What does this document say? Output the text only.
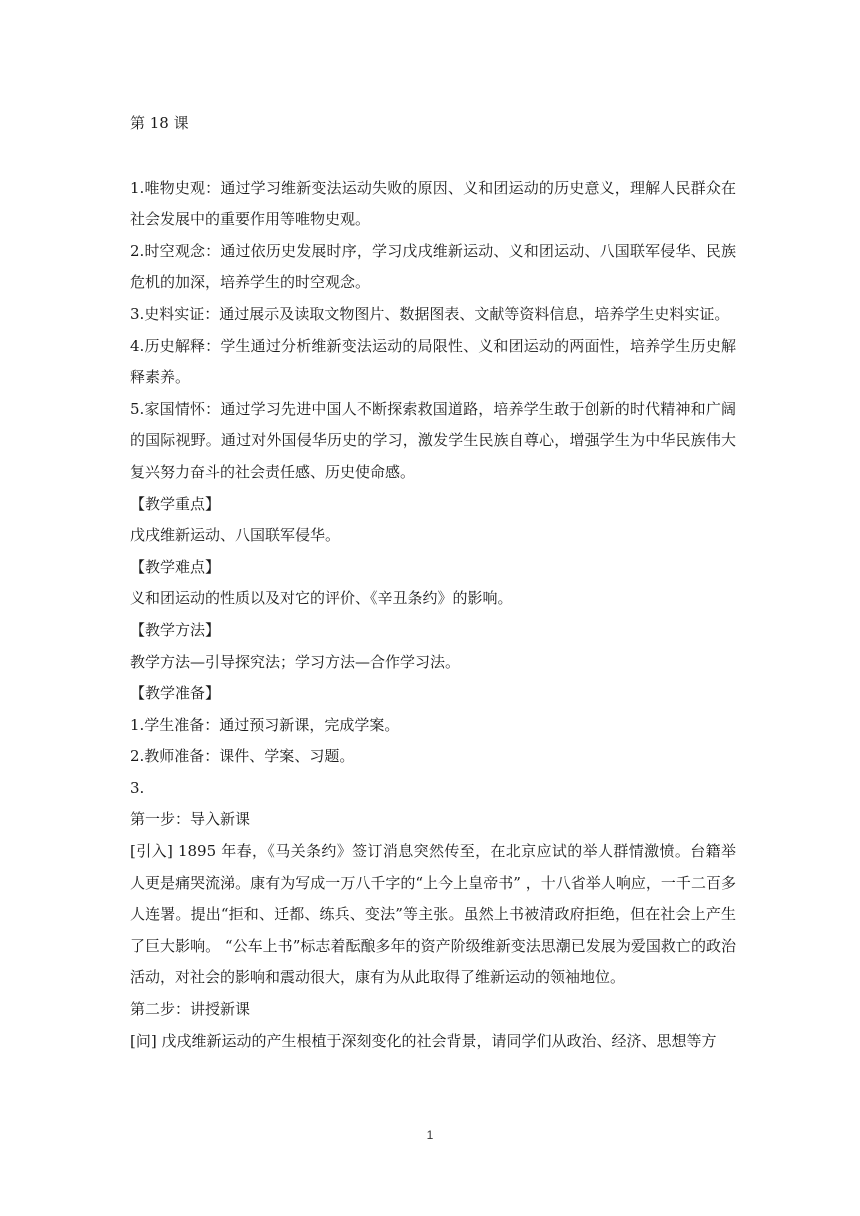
第 18 课

1.唯物史观：通过学习维新变法运动失败的原因、义和团运动的历史意义，理解人民群众在社会发展中的重要作用等唯物史观。

2.时空观念：通过依历史发展时序，学习戊戌维新运动、义和团运动、八国联军侵华、民族危机的加深，培养学生的时空观念。

3.史料实证：通过展示及读取文物图片、数据图表、文献等资料信息，培养学生史料实证。

4.历史解释：学生通过分析维新变法运动的局限性、义和团运动的两面性，培养学生历史解释素养。

5.家国情怀：通过学习先进中国人不断探索救国道路，培养学生敢于创新的时代精神和广阔的国际视野。通过对外国侵华历史的学习，激发学生民族自尊心，增强学生为中华民族伟大复兴努力奋斗的社会责任感、历史使命感。

【教学重点】

戊戌维新运动、八国联军侵华。

【教学难点】

义和团运动的性质以及对它的评价、《辛丑条约》的影响。

【教学方法】

教学方法—引导探究法；学习方法—合作学习法。

【教学准备】

1.学生准备：通过预习新课，完成学案。

2.教师准备：课件、学案、习题。

3.

第一步：导入新课

[引入] 1895 年春，《马关条约》签订消息突然传至，在北京应试的举人群情激愤。台籍举人更是痛哭流涕。康有为写成一万八千字的“上今上皇帝书” ，十八省举人响应，一千二百多人连署。提出“拒和、迁都、练兵、变法”等主张。虽然上书被清政府拒绝，但在社会上产生了巨大影响。 “公车上书”标志着酝酿多年的资产阶级维新变法思潮已发展为爱国救亡的政治活动，对社会的影响和震动很大，康有为从此取得了维新运动的领袖地位。

第二步：讲授新课

[问] 戊戌维新运动的产生根植于深刻变化的社会背景，请同学们从政治、经济、思想等方

1
